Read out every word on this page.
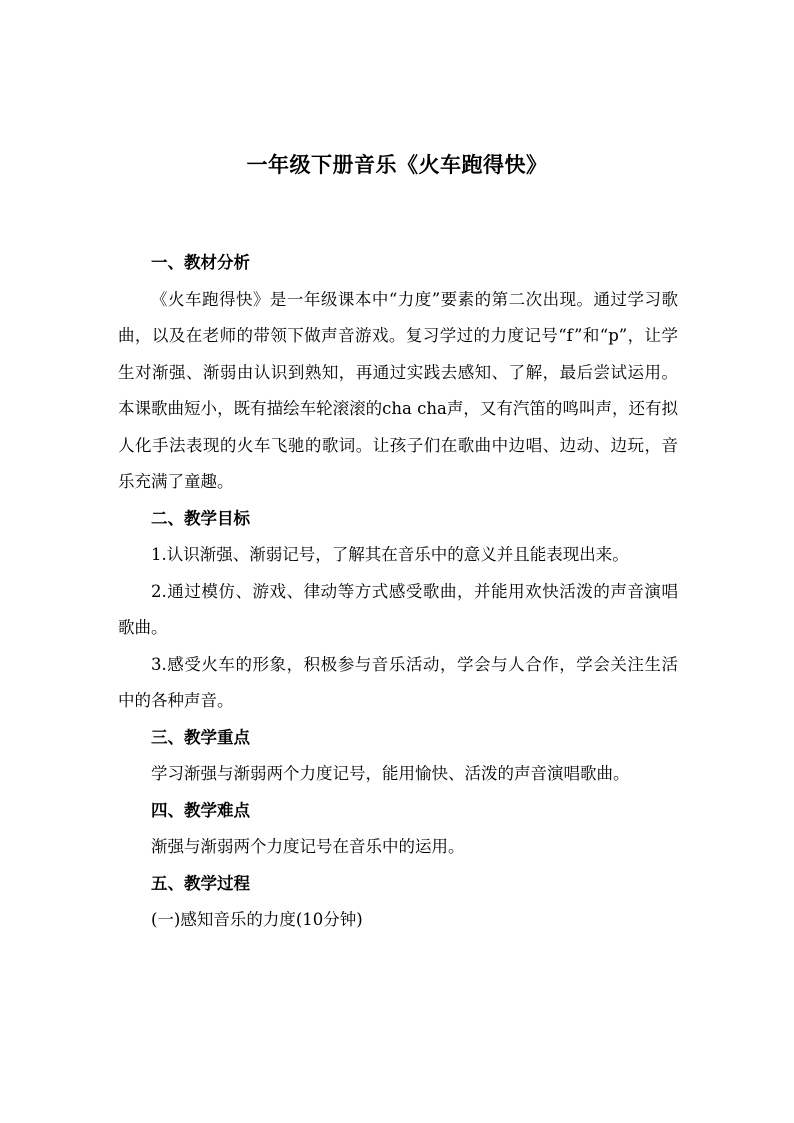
一年级下册音乐《火车跑得快》

一、教材分析

《火车跑得快》是一年级课本中“力度”要素的第二次出现。通过学习歌曲，以及在老师的带领下做声音游戏。复习学过的力度记号“f”和“p”，让学生对渐强、渐弱由认识到熟知，再通过实践去感知、了解，最后尝试运用。本课歌曲短小，既有描绘车轮滚滚的cha cha声，又有汽笛的鸣叫声，还有拟人化手法表现的火车飞驰的歌词。让孩子们在歌曲中边唱、边动、边玩，音乐充满了童趣。

二、教学目标

1.认识渐强、渐弱记号，了解其在音乐中的意义并且能表现出来。

2.通过模仿、游戏、律动等方式感受歌曲，并能用欢快活泼的声音演唱歌曲。

3.感受火车的形象，积极参与音乐活动，学会与人合作，学会关注生活中的各种声音。

三、教学重点

学习渐强与渐弱两个力度记号，能用愉快、活泼的声音演唱歌曲。

四、教学难点

渐强与渐弱两个力度记号在音乐中的运用。

五、教学过程

(一)感知音乐的力度(10分钟)
